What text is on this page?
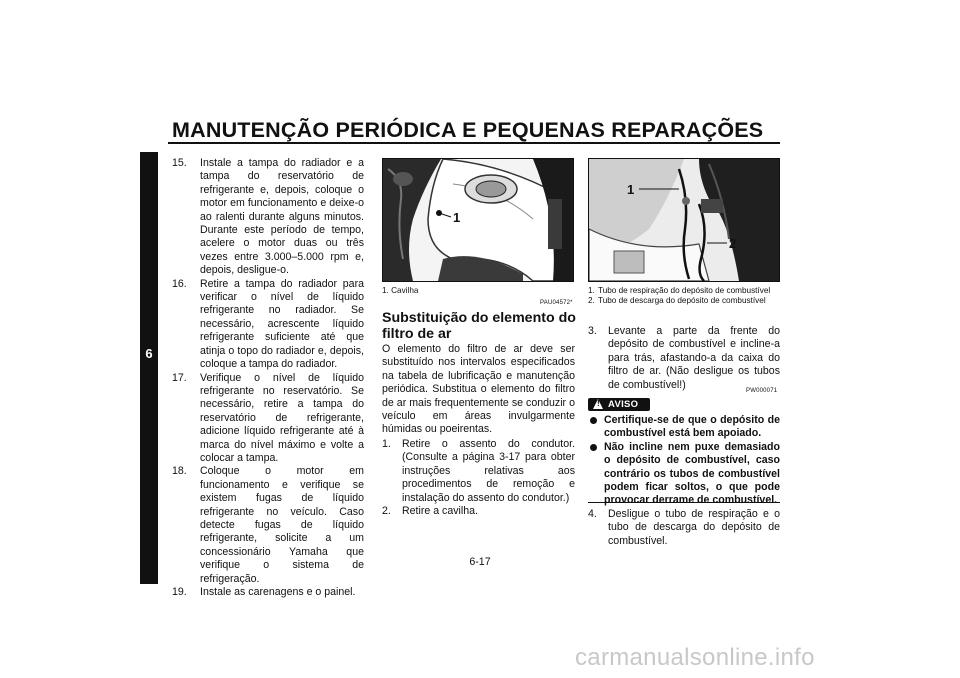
MANUTENÇÃO PERIÓDICA E PEQUENAS REPARAÇÕES
6
15. Instale a tampa do radiador e a tampa do reservatório de refrigerante e, depois, coloque o motor em funcionamento e deixe-o ao ralenti durante alguns minutos. Durante este período de tempo, acelere o motor duas ou três vezes entre 3.000–5.000 rpm e, depois, desligue-o.
16. Retire a tampa do radiador para verificar o nível de líquido refrigerante no radiador. Se necessário, acrescente líquido refrigerante suficiente até que atinja o topo do radiador e, depois, coloque a tampa do radiador.
17. Verifique o nível de líquido refrigerante no reservatório. Se necessário, retire a tampa do reservatório de refrigerante, adicione líquido refrigerante até à marca do nível máximo e volte a colocar a tampa.
18. Coloque o motor em funcionamento e verifique se existem fugas de líquido refrigerante no veículo. Caso detecte fugas de líquido refrigerante, solicite a um concessionário Yamaha que verifique o sistema de refrigeração.
19. Instale as carenagens e o painel.
1
1. Cavilha
1
2
1. Tubo de respiração do depósito de combustível
2. Tubo de descarga do depósito de combustível
PAU04572*
Substituição do elemento do filtro de ar
O elemento do filtro de ar deve ser substituído nos intervalos especificados na tabela de lubrificação e manutenção periódica. Substitua o elemento do filtro de ar mais frequentemente se conduzir o veículo em áreas invulgarmente húmidas ou poeirentas.
1. Retire o assento do condutor. (Consulte a página 3-17 para obter instruções relativas aos procedimentos de remoção e instalação do assento do condutor.)
2. Retire a cavilha.
3. Levante a parte da frente do depósito de combustível e incline-a para trás, afastando-a da caixa do filtro de ar. (Não desligue os tubos de combustível!)
PW000071
! AVISO
Certifique-se de que o depósito de combustível está bem apoiado.
Não incline nem puxe demasiado o depósito de combustível, caso contrário os tubos de combustível podem ficar soltos, o que pode provocar derrame de combustível.
4. Desligue o tubo de respiração e o tubo de descarga do depósito de combustível.
6-17
carmanualsonline.info
